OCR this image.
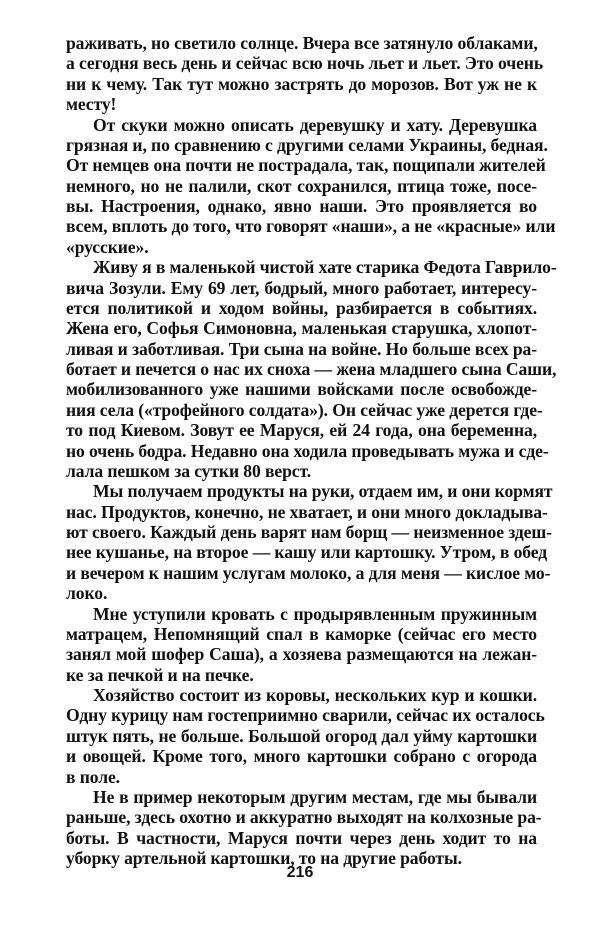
раживать, но светило солнце. Вчера все затянуло облаками,
а сегодня весь день и сейчас всю ночь льет и льет. Это очень
ни к чему. Так тут можно застрять до морозов. Вот уж не к
месту!
От скуки можно описать деревушку и хату. Деревушка
грязная и, по сравнению с другими селами Украины, бедная.
От немцев она почти не пострадала, так, пощипали жителей
немного, но не палили, скот сохранился, птица тоже, посе-
вы. Настроения, однако, явно наши. Это проявляется во
всем, вплоть до того, что говорят «наши», а не «красные» или
«русские».
Живу я в маленькой чистой хате старика Федота Гаврило-
вича Зозули. Ему 69 лет, бодрый, много работает, интересу-
ется политикой и ходом войны, разбирается в событиях.
Жена его, Софья Симоновна, маленькая старушка, хлопот-
ливая и заботливая. Три сына на войне. Но больше всех ра-
ботает и печется о нас их сноха — жена младшего сына Саши,
мобилизованного уже нашими войсками после освобожде-
ния села («трофейного солдата»). Он сейчас уже дерется где-
то под Киевом. Зовут ее Маруся, ей 24 года, она беременна,
но очень бодра. Недавно она ходила проведывать мужа и сде-
лала пешком за сутки 80 верст.
Мы получаем продукты на руки, отдаем им, и они кормят
нас. Продуктов, конечно, не хватает, и они много докладыва-
ют своего. Каждый день варят нам борщ — неизменное здеш-
нее кушанье, на второе — кашу или картошку. Утром, в обед
и вечером к нашим услугам молоко, а для меня — кислое мо-
локо.
Мне уступили кровать с продырявленным пружинным
матрацем, Непомнящий спал в каморке (сейчас его место
занял мой шофер Саша), а хозяева размещаются на лежан-
ке за печкой и на печке.
Хозяйство состоит из коровы, нескольких кур и кошки.
Одну курицу нам гостеприимно сварили, сейчас их осталось
штук пять, не больше. Большой огород дал уйму картошки
и овощей. Кроме того, много картошки собрано с огорода
в поле.
Не в пример некоторым другим местам, где мы бывали
раньше, здесь охотно и аккуратно выходят на колхозные ра-
боты. В частности, Маруся почти через день ходит то на
уборку артельной картошки, то на другие работы.
216
